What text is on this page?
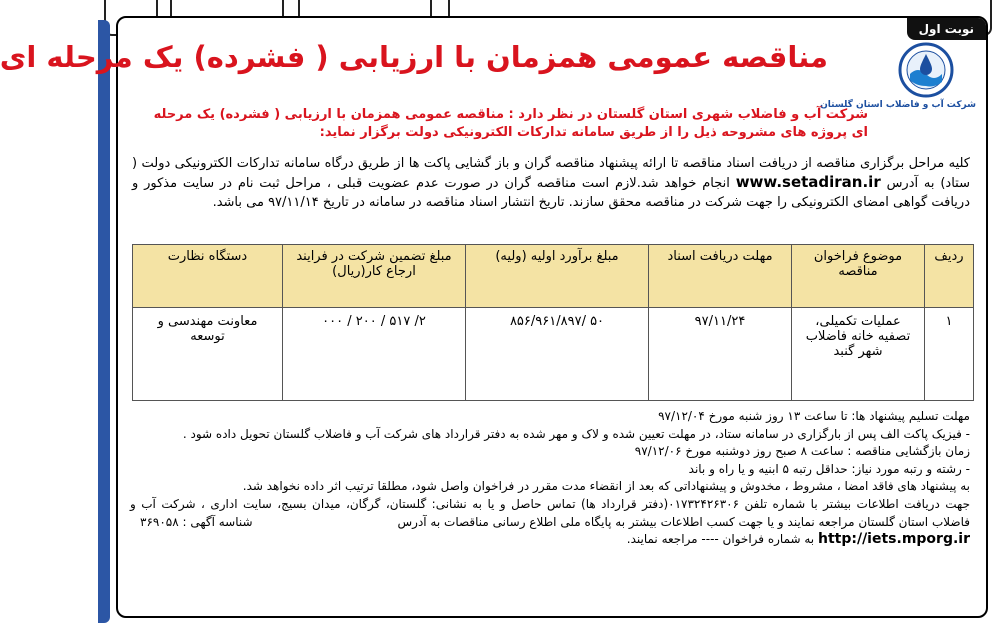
نوبت اول
شرکت آب و فاضلاب استان گلستان
مناقصه عمومی همزمان با ارزیابی ( فشرده) یک مرحله ای
شرکت آب و فاضلاب شهری استان گلستان در نظر دارد : مناقصه عمومی همزمان با ارزیابی ( فشرده) یک مرحله ای پروژه های مشروحه ذیل را از طریق سامانه تدارکات الکترونیکی دولت برگزار نماید:
کلیه مراحل برگزاری مناقصه از دریافت اسناد مناقصه تا ارائه پیشنهاد مناقصه گران و باز گشایی پاکت ها از طریق درگاه سامانه تدارکات الکترونیکی دولت ( ستاد) به آدرس www.setadiran.ir انجام خواهد شد.لازم است مناقصه گران در صورت عدم عضویت قبلی ، مراحل ثبت نام در سایت مذکور و دریافت گواهی امضای الکترونیکی را جهت شرکت در مناقصه محقق سازند. تاریخ انتشار اسناد مناقصه در سامانه در تاریخ ۹۷/۱۱/۱۴ می باشد.
ردیف	موضوع فراخوان مناقصه	مهلت دریافت اسناد	مبلغ برآورد اولیه (ولیه)	مبلغ تضمین شرکت در فرایند ارجاع کار(ریال)	دستگاه نظارت
۱	عملیات تکمیلی، تصفیه خانه فاضلاب شهر گنبد	۹۷/۱۱/۲۴	۵۰ /۸۵۶/۹۶۱/۸۹۷	۲/ ۵۱۷ / ۲۰۰ / ۰۰۰	معاونت مهندسی و توسعه

مهلت تسلیم پیشنهاد ها: تا ساعت ۱۳ روز شنبه مورخ ۹۷/۱۲/۰۴

- فیزیک پاکت الف پس از بارگزاری در سامانه ستاد، در مهلت تعیین شده و لاک و مهر شده به دفتر قرارداد های شرکت آب و فاضلاب گلستان تحویل داده شود .

زمان بازگشایی مناقصه : ساعت ۸ صبح روز دوشنبه مورخ ۹۷/۱۲/۰۶

- رشته و رتبه مورد نیاز: حداقل رتبه ۵ ابنیه و یا راه و باند

به پیشنهاد های فاقد امضا ، مشروط ، مخدوش و پیشنهاداتی که بعد از انقضاء مدت مقرر در فراخوان واصل شود، مطلقا ترتیب اثر داده نخواهد شد.

جهت دریافت اطلاعات بیشتر با شماره تلفن ۰۱۷۳۲۴۲۶۳۰۶(دفتر قرارداد ها) تماس حاصل و یا به نشانی: گلستان، گرگان، میدان بسیج، سایت اداری ، شرکت آب و فاضلاب استان گلستان مراجعه نمایند و یا جهت کسب اطلاعات بیشتر به پایگاه ملی اطلاع رسانی مناقصات به آدرس
شناسه آگهی : ۳۶۹۰۵۸

http://iets.mporg.ir به شماره فراخوان ---- مراجعه نمایند.
